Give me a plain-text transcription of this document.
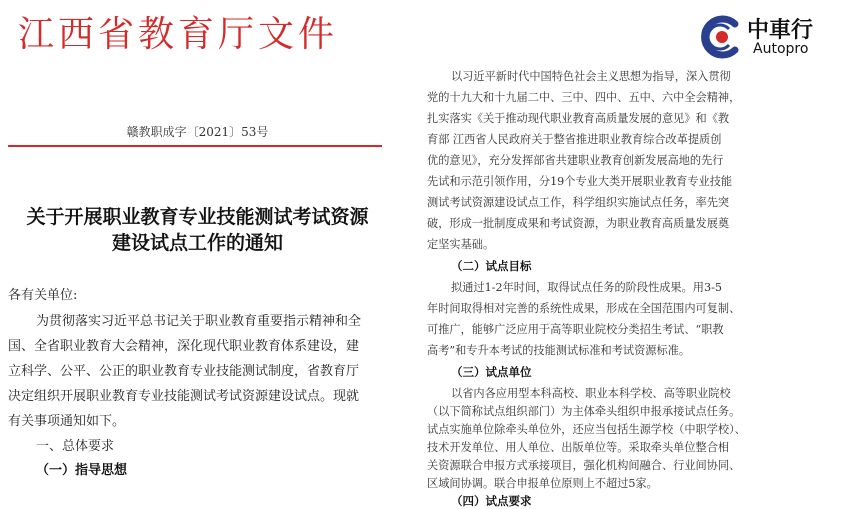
江西省教育厅文件
赣教职成字〔2021〕53号
关于开展职业教育专业技能测试考试资源
建设试点工作的通知
各有关单位:
为贯彻落实习近平总书记关于职业教育重要指示精神和全
国、全省职业教育大会精神，深化现代职业教育体系建设，建
立科学、公平、公正的职业教育专业技能测试制度，省教育厅
决定组织开展职业教育专业技能测试考试资源建设试点。现就
有关事项通知如下。
一、总体要求
（一）指导思想
以习近平新时代中国特色社会主义思想为指导，深入贯彻
党的十九大和十九届二中、三中、四中、五中、六中全会精神，
扎实落实《关于推动现代职业教育高质量发展的意见》和《教
育部 江西省人民政府关于整省推进职业教育综合改革提质创
优的意见》，充分发挥部省共建职业教育创新发展高地的先行
先试和示范引领作用，分19个专业大类开展职业教育专业技能
测试考试资源建设试点工作，科学组织实施试点任务，率先突
破，形成一批制度成果和考试资源，为职业教育高质量发展奠
定坚实基础。
（二）试点目标
拟通过1-2年时间，取得试点任务的阶段性成果。用3-5
年时间取得相对完善的系统性成果，形成在全国范围内可复制、
可推广，能够广泛应用于高等职业院校分类招生考试、“职教
高考”和专升本考试的技能测试标准和考试资源标准。
（三）试点单位
以省内各应用型本科高校、职业本科学校、高等职业院校
（以下简称试点组织部门）为主体牵头组织申报承接试点任务。
试点实施单位除牵头单位外，还应当包括生源学校（中职学校）、
技术开发单位、用人单位、出版单位等。采取牵头单位整合相
关资源联合申报方式承接项目，强化机构间融合、行业间协同、
区域间协调。联合申报单位原则上不超过5家。
（四）试点要求
中車行
Autopro
